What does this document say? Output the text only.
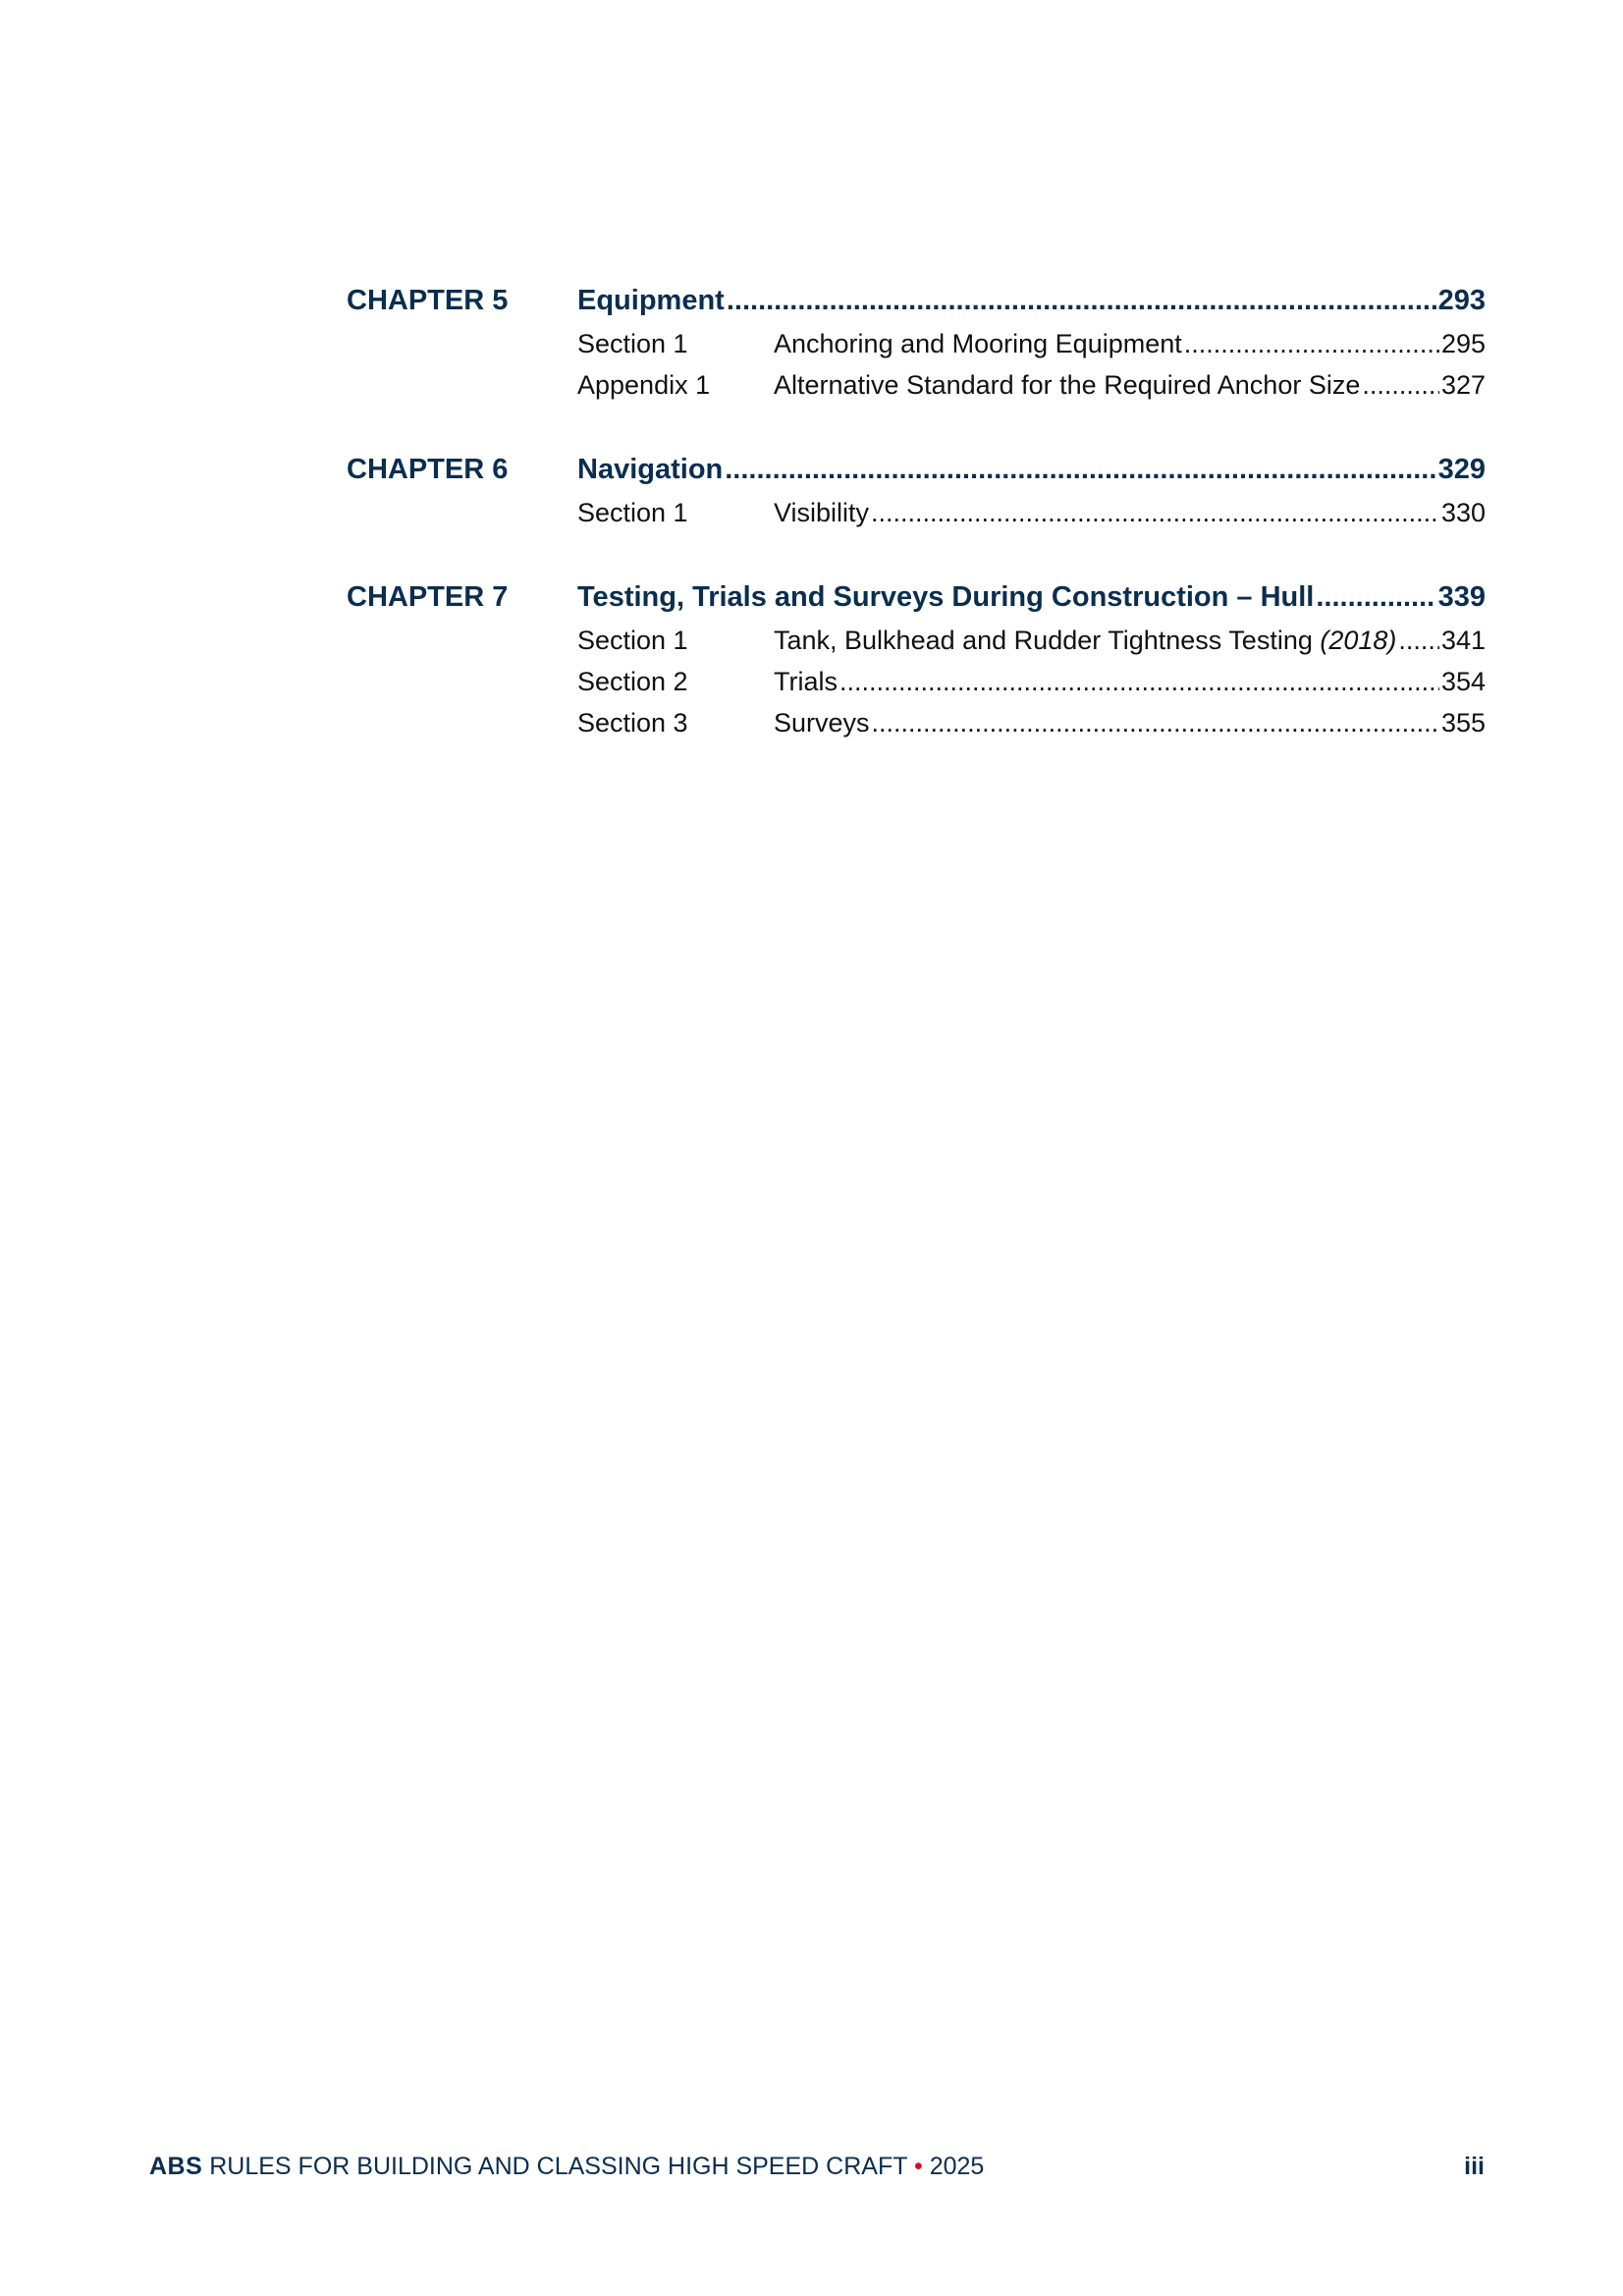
CHAPTER 5	Equipment .....	293
Section 1	Anchoring and Mooring Equipment .....	295
Appendix 1	Alternative Standard for the Required Anchor Size .....	327
CHAPTER 6	Navigation .....	329
Section 1	Visibility .....	330
CHAPTER 7	Testing, Trials and Surveys During Construction – Hull .....	339
Section 1	Tank, Bulkhead and Rudder Tightness Testing (2018) ..... 341
Section 2	Trials .....	354
Section 3	Surveys .....	355
ABS RULES FOR BUILDING AND CLASSING HIGH SPEED CRAFT • 2025	iii
